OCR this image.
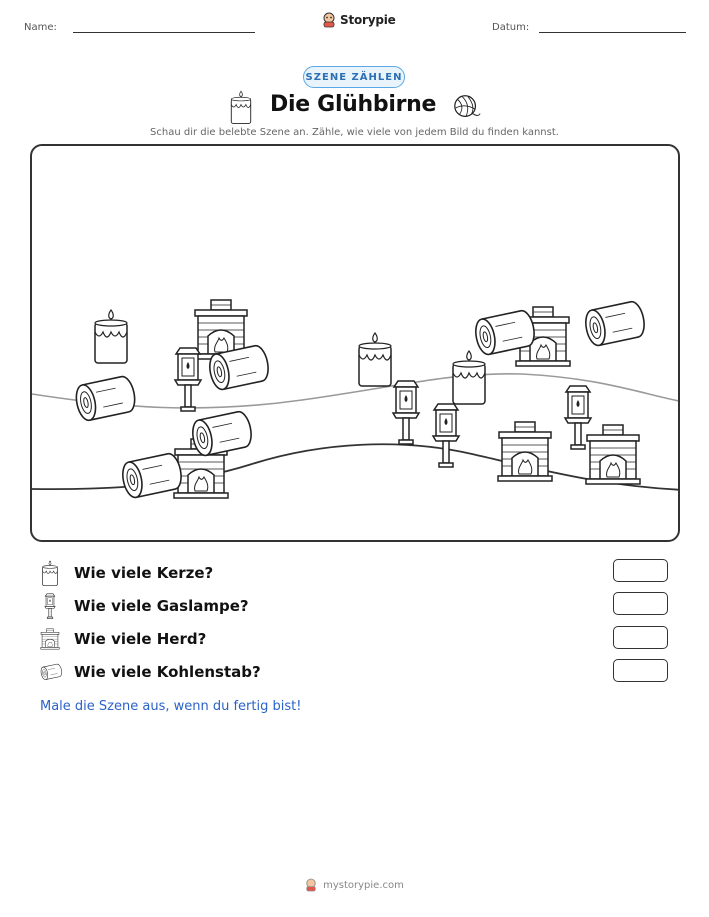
Name:
Storypie
Datum:
SZENE ZÄHLEN
Die Glühbirne
Schau dir die belebte Szene an. Zähle, wie viele von jedem Bild du finden kannst.
Wie viele Kerze?
Wie viele Gaslampe?
Wie viele Herd?
Wie viele Kohlenstab?
Male die Szene aus, wenn du fertig bist!
mystorypie.com
